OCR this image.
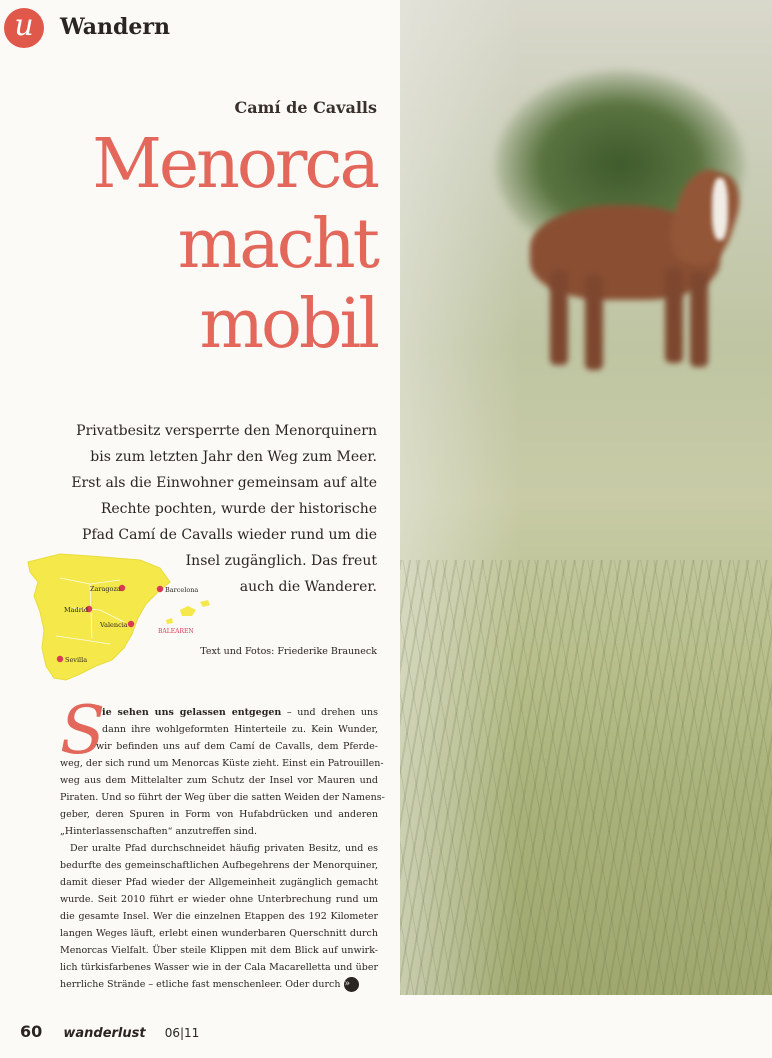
u	Wandern
Camí de Cavalls
Menorca
macht
mobil
Privatbesitz versperrte den Menorquinern
bis zum letzten Jahr den Weg zum Meer.
Erst als die Einwohner gemeinsam auf alte
Rechte pochten, wurde der historische
Pfad Camí de Cavalls wieder rund um die
Insel zugänglich. Das freut
auch die Wanderer.
Zaragoza	Barcelona
Madrid
Valencia
Sevilla
BALEAREN
Text und Fotos: Friederike Brauneck
S
ie sehen uns gelassen entgegen – und drehen uns
dann ihre wohlgeformten Hinterteile zu. Kein Wunder,
wir befinden uns auf dem Camí de Cavalls, dem Pferde-
weg, der sich rund um Menorcas Küste zieht. Einst ein Patrouillen-
weg aus dem Mittelalter zum Schutz der Insel vor Mauren und
Piraten. Und so führt der Weg über die satten Weiden der Namens-
geber, deren Spuren in Form von Hufabdrücken und anderen
„Hinterlassenschaften“ anzutreffen sind.
Der uralte Pfad durchschneidet häufig privaten Besitz, und es
bedurfte des gemeinschaftlichen Aufbegehrens der Menorquiner,
damit dieser Pfad wieder der Allgemeinheit zugänglich gemacht
wurde. Seit 2010 führt er wieder ohne Unterbrechung rund um
die gesamte Insel. Wer die einzelnen Etappen des 192 Kilometer
langen Weges läuft, erlebt einen wunderbaren Querschnitt durch
Menorcas Vielfalt. Über steile Klippen mit dem Blick auf unwirk-
lich türkisfarbenes Wasser wie in der Cala Macarelletta und über
herrliche Strände – etliche fast menschenleer. Oder durch »
60 wanderlust 06|11
